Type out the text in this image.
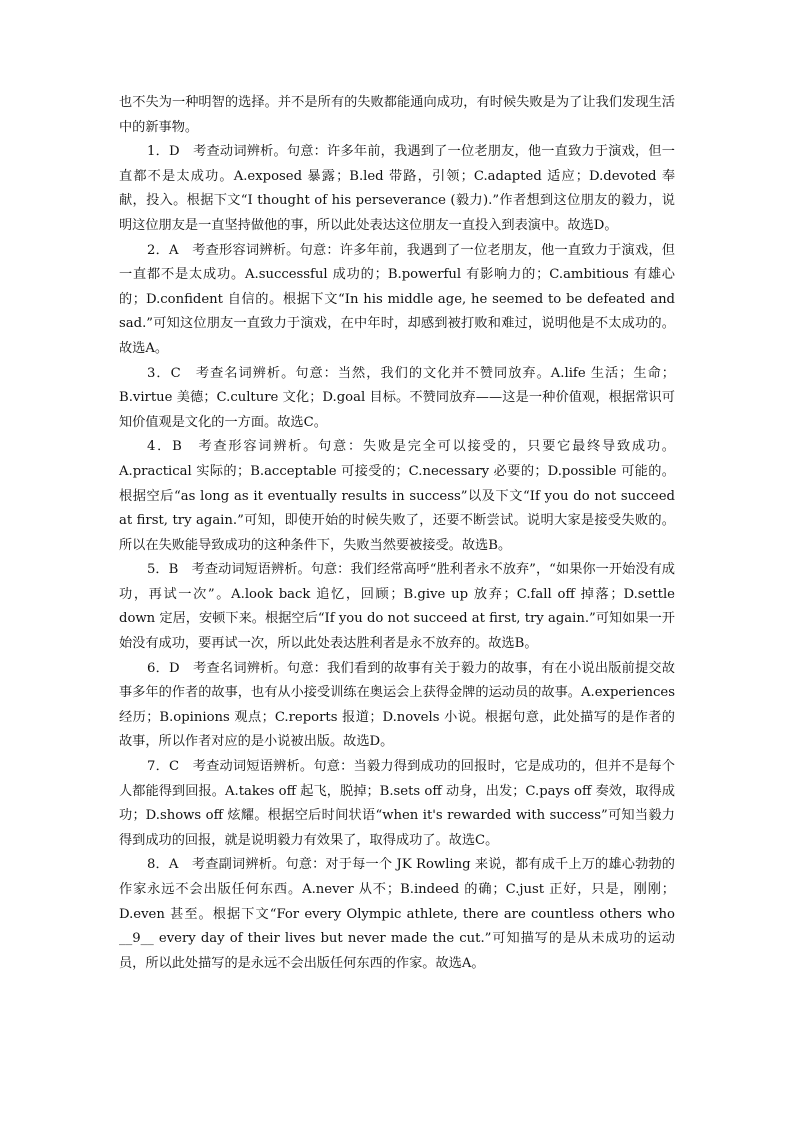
也不失为一种明智的选择。并不是所有的失败都能通向成功，有时候失败是为了让我们发现生活中的新事物。

1．D　考查动词辨析。句意：许多年前，我遇到了一位老朋友，他一直致力于演戏，但一直都不是太成功。A.exposed 暴露；B.led 带路，引领；C.adapted 适应；D.devoted 奉献，投入。根据下文“I thought of his perseverance (毅力).”作者想到这位朋友的毅力，说明这位朋友是一直坚持做他的事，所以此处表达这位朋友一直投入到表演中。故选D。

2．A　考查形容词辨析。句意：许多年前，我遇到了一位老朋友，他一直致力于演戏，但一直都不是太成功。A.successful 成功的；B.powerful 有影响力的；C.ambitious 有雄心的；D.confident 自信的。根据下文“In his middle age, he seemed to be defeated and sad.”可知这位朋友一直致力于演戏，在中年时，却感到被打败和难过，说明他是不太成功的。故选A。

3．C　考查名词辨析。句意：当然，我们的文化并不赞同放弃。A.life 生活；生命；B.virtue 美德；C.culture 文化；D.goal 目标。不赞同放弃——这是一种价值观，根据常识可知价值观是文化的一方面。故选C。

4．B　考查形容词辨析。句意：失败是完全可以接受的，只要它最终导致成功。A.practical 实际的；B.acceptable 可接受的；C.necessary 必要的；D.possible 可能的。根据空后“as long as it eventually results in success”以及下文“If you do not succeed at first, try again.”可知，即使开始的时候失败了，还要不断尝试。说明大家是接受失败的。所以在失败能导致成功的这种条件下，失败当然要被接受。故选B。

5．B　考查动词短语辨析。句意：我们经常高呼“胜利者永不放弃”，“如果你一开始没有成功，再试一次”。A.look back 追忆，回顾；B.give up 放弃；C.fall off 掉落；D.settle down 定居，安顿下来。根据空后“If you do not succeed at first, try again.”可知如果一开始没有成功，要再试一次，所以此处表达胜利者是永不放弃的。故选B。

6．D　考查名词辨析。句意：我们看到的故事有关于毅力的故事，有在小说出版前提交故事多年的作者的故事，也有从小接受训练在奥运会上获得金牌的运动员的故事。A.experiences 经历；B.opinions 观点；C.reports 报道；D.novels 小说。根据句意，此处描写的是作者的故事，所以作者对应的是小说被出版。故选D。

7．C　考查动词短语辨析。句意：当毅力得到成功的回报时，它是成功的，但并不是每个人都能得到回报。A.takes off 起飞，脱掉；B.sets off 动身，出发；C.pays off 奏效，取得成功；D.shows off 炫耀。根据空后时间状语“when it's rewarded with success”可知当毅力得到成功的回报，就是说明毅力有效果了，取得成功了。故选C。

8．A　考查副词辨析。句意：对于每一个 JK Rowling 来说，都有成千上万的雄心勃勃的作家永远不会出版任何东西。A.never 从不；B.indeed 的确；C.just 正好，只是，刚刚；D.even 甚至。根据下文“For every Olympic athlete, there are countless others who __9__ every day of their lives but never made the cut.”可知描写的是从未成功的运动员，所以此处描写的是永远不会出版任何东西的作家。故选A。
